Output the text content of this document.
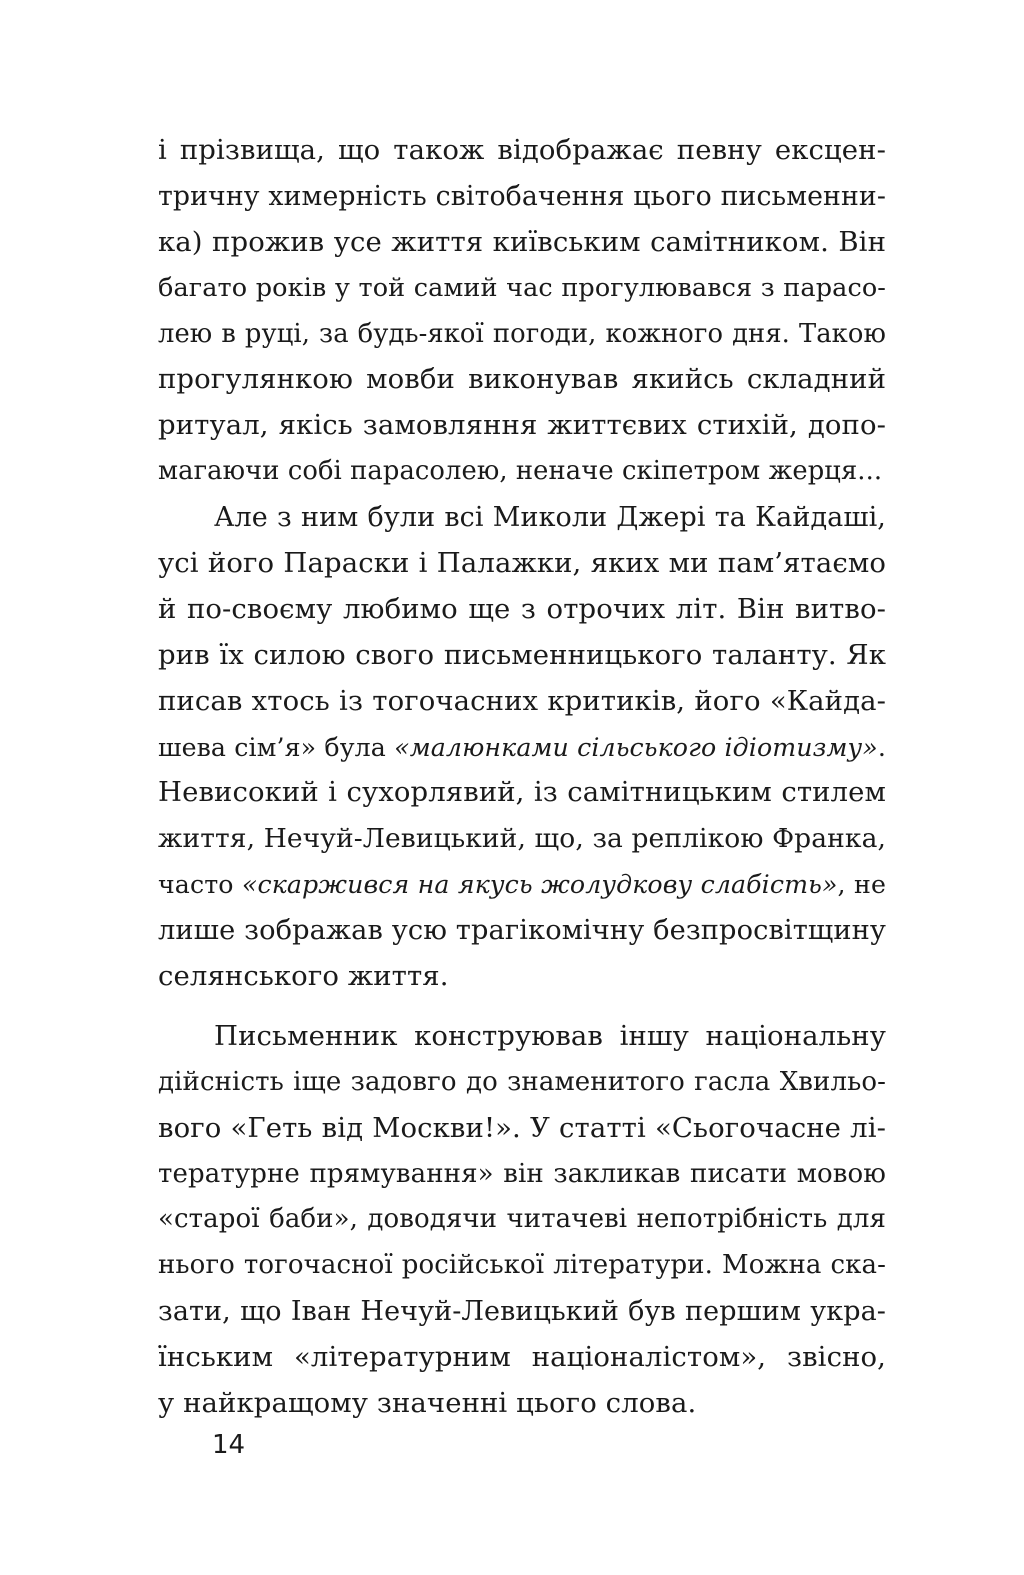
і прізвища, що також відображає певну ексцен-
тричну химерність світобачення цього письменни-
ка) прожив усе життя київським самітником. Він
багато років у той самий час прогулювався з парасо-
лею в руці, за будь-якої погоди, кожного дня. Такою
прогулянкою мовби виконував якийсь складний
ритуал, якісь замовляння життєвих стихій, допо-
магаючи собі парасолею, неначе скіпетром жерця...
Але з ним були всі Миколи Джері та Кайдаші,
усі його Параски і Палажки, яких ми пам’ятаємо
й по-своєму любимо ще з отрочих літ. Він витво-
рив їх силою свого письменницького таланту. Як
писав хтось із тогочасних критиків, його «Кайда-
шева сім’я» була «малюнками сільського ідіотизму».
Невисокий і сухорлявий, із самітницьким стилем
життя, Нечуй-Левицький, що, за реплікою Франка,
часто «скаржився на якусь жолудкову слабість», не
лише зображав усю трагікомічну безпросвітщину
селянського життя.
Письменник конструював іншу національну
дійсність іще задовго до знаменитого гасла Хвильо-
вого «Геть від Москви!». У статті «Сьогочасне лі-
тературне прямування» він закликав писати мовою
«старої баби», доводячи читачеві непотрібність для
нього тогочасної російської літератури. Можна ска-
зати, що Іван Нечуй-Левицький був першим укра-
їнським «літературним націоналістом», звісно,
у найкращому значенні цього слова.
14
